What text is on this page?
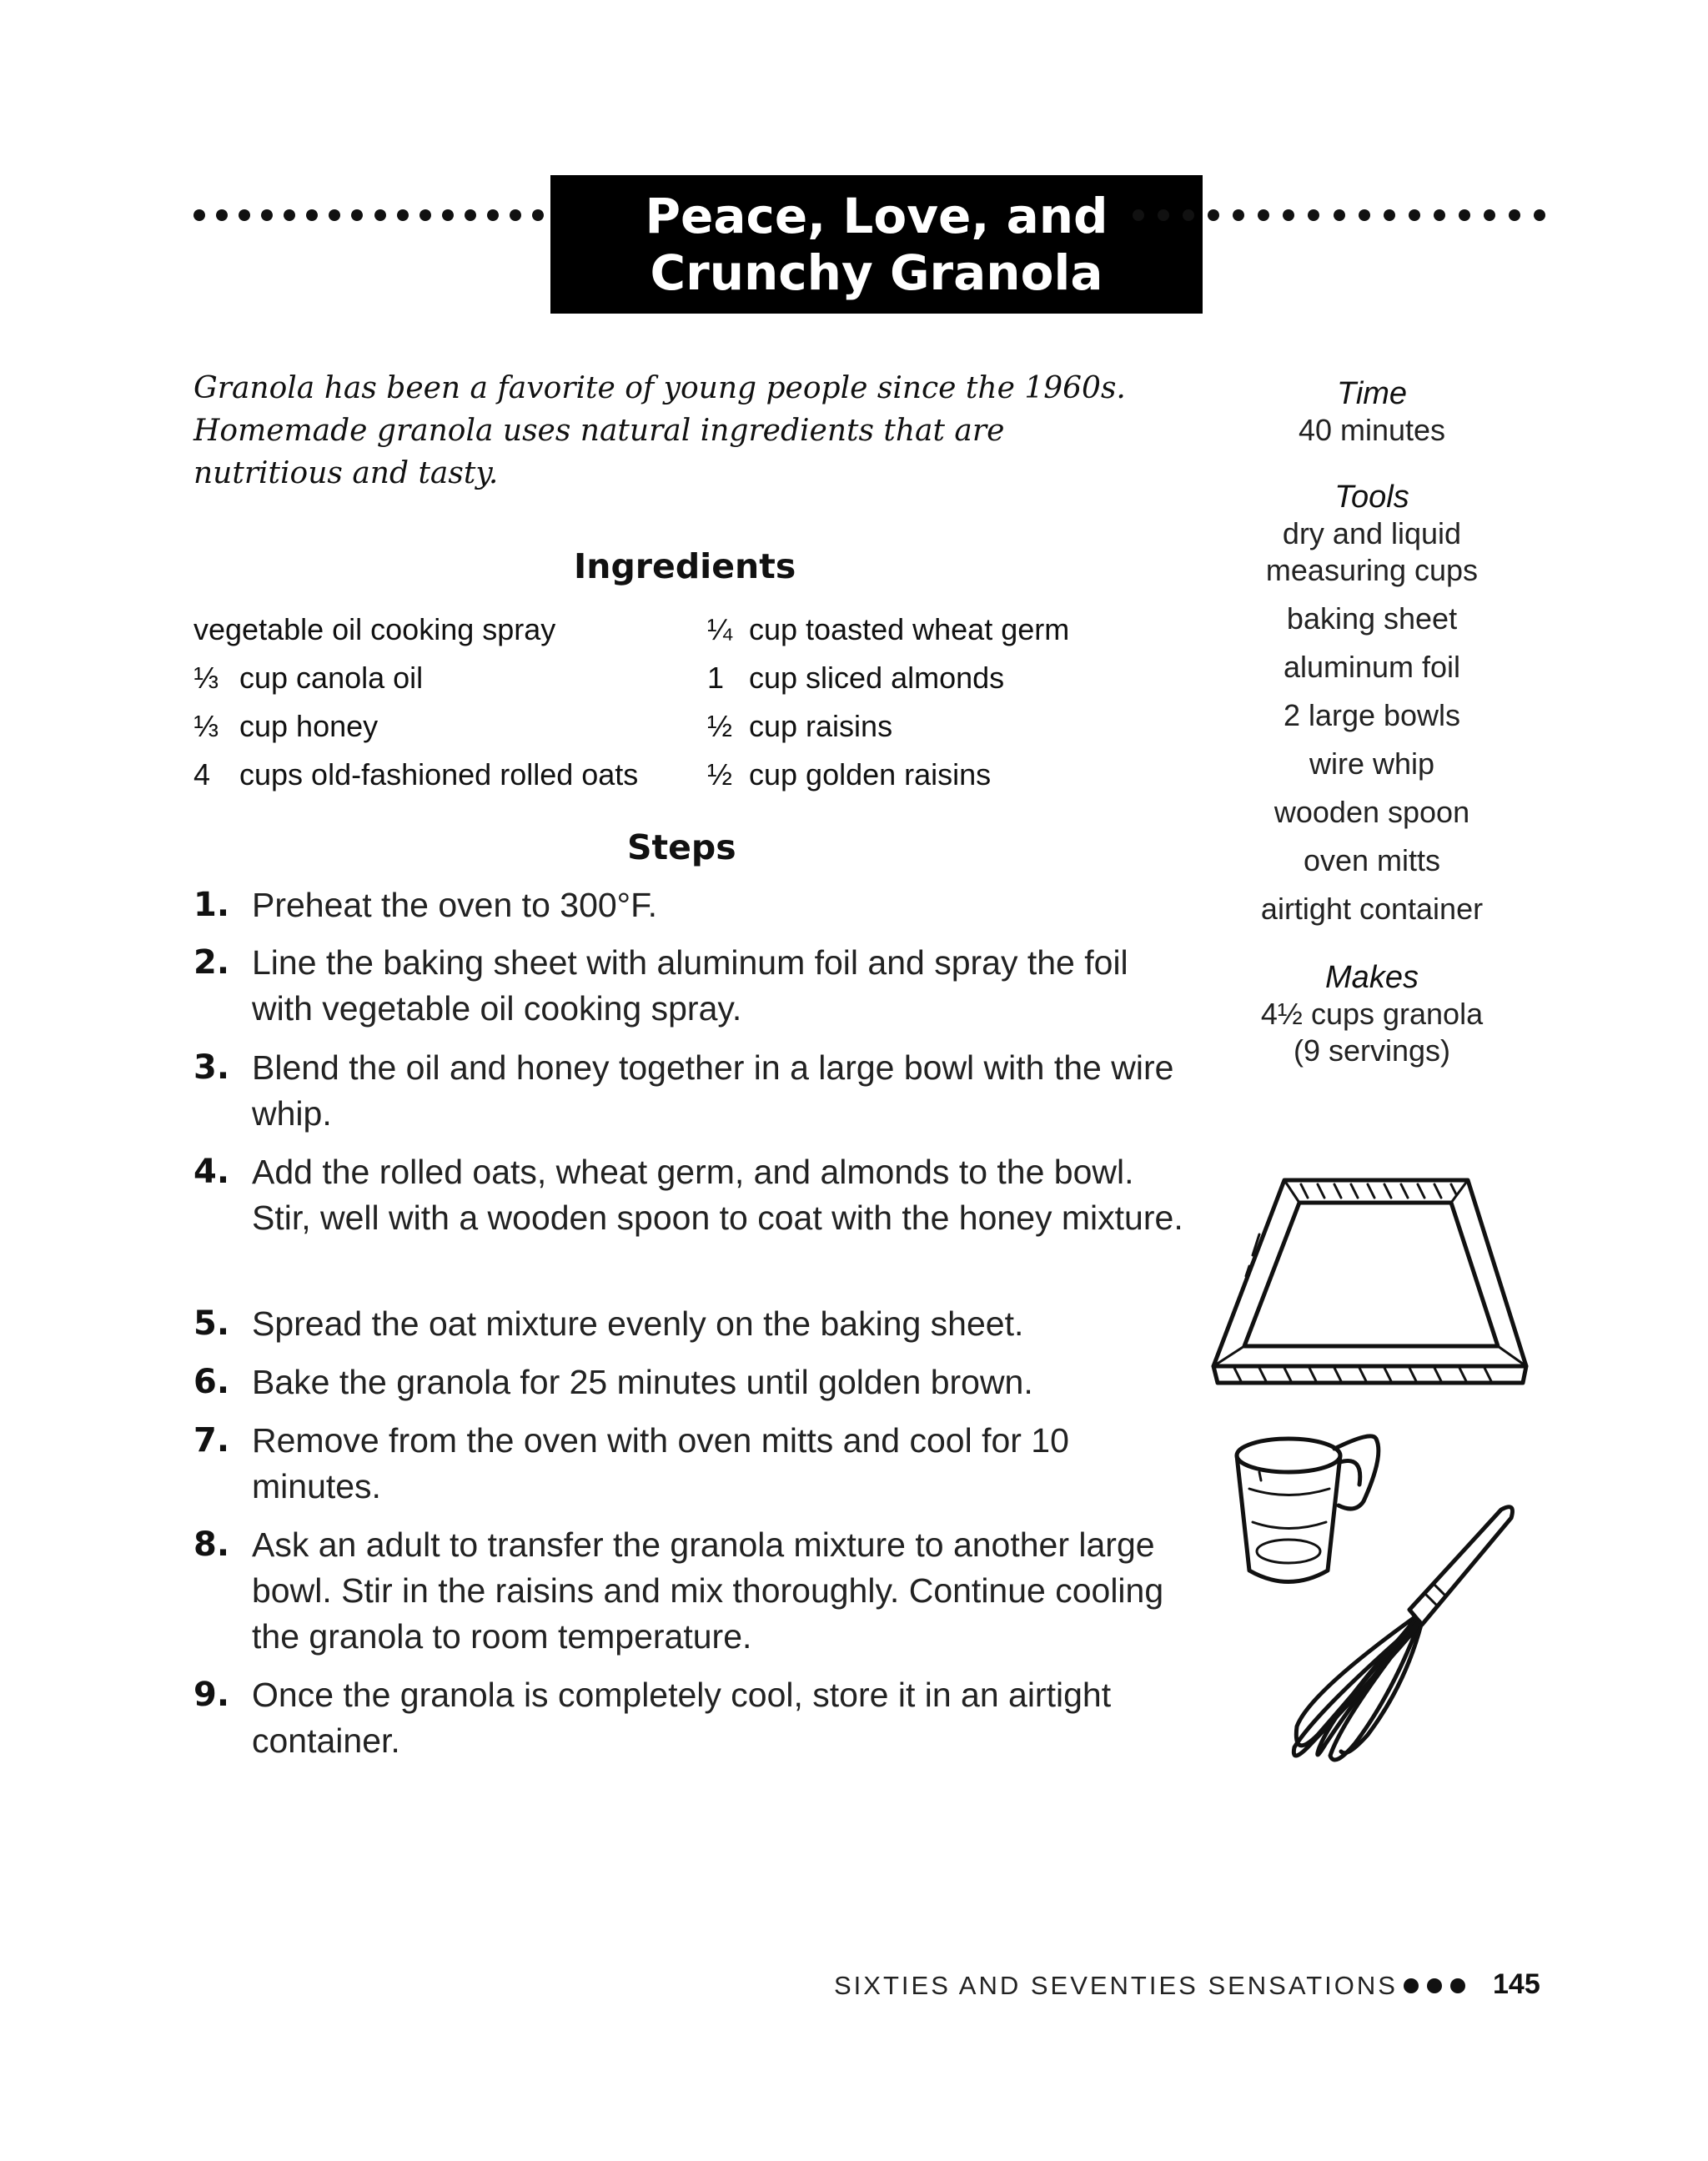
Peace, Love, and
Crunchy Granola
Granola has been a favorite of young people since the 1960s. Homemade granola uses natural ingredients that are nutritious and tasty.
Ingredients
vegetable oil cooking spray
⅓ cup canola oil
⅓ cup honey
4 cups old-fashioned rolled oats
¼ cup toasted wheat germ
1 cup sliced almonds
½ cup raisins
½ cup golden raisins
Steps
1. Preheat the oven to 300°F.
2. Line the baking sheet with aluminum foil and spray the foil with vegetable oil cooking spray.
3. Blend the oil and honey together in a large bowl with the wire whip.
4. Add the rolled oats, wheat germ, and almonds to the bowl. Stir, well with a wooden spoon to coat with the honey mixture.
5. Spread the oat mixture evenly on the baking sheet.
6. Bake the granola for 25 minutes until golden brown.
7. Remove from the oven with oven mitts and cool for 10 minutes.
8. Ask an adult to transfer the granola mixture to another large bowl. Stir in the raisins and mix thoroughly. Continue cooling the granola to room temperature.
9. Once the granola is completely cool, store it in an airtight container.
Time
40 minutes
Tools
dry and liquid measuring cups
baking sheet
aluminum foil
2 large bowls
wire whip
wooden spoon
oven mitts
airtight container
Makes
4½ cups granola
(9 servings)
SIXTIES AND SEVENTIES SENSATIONS	145
